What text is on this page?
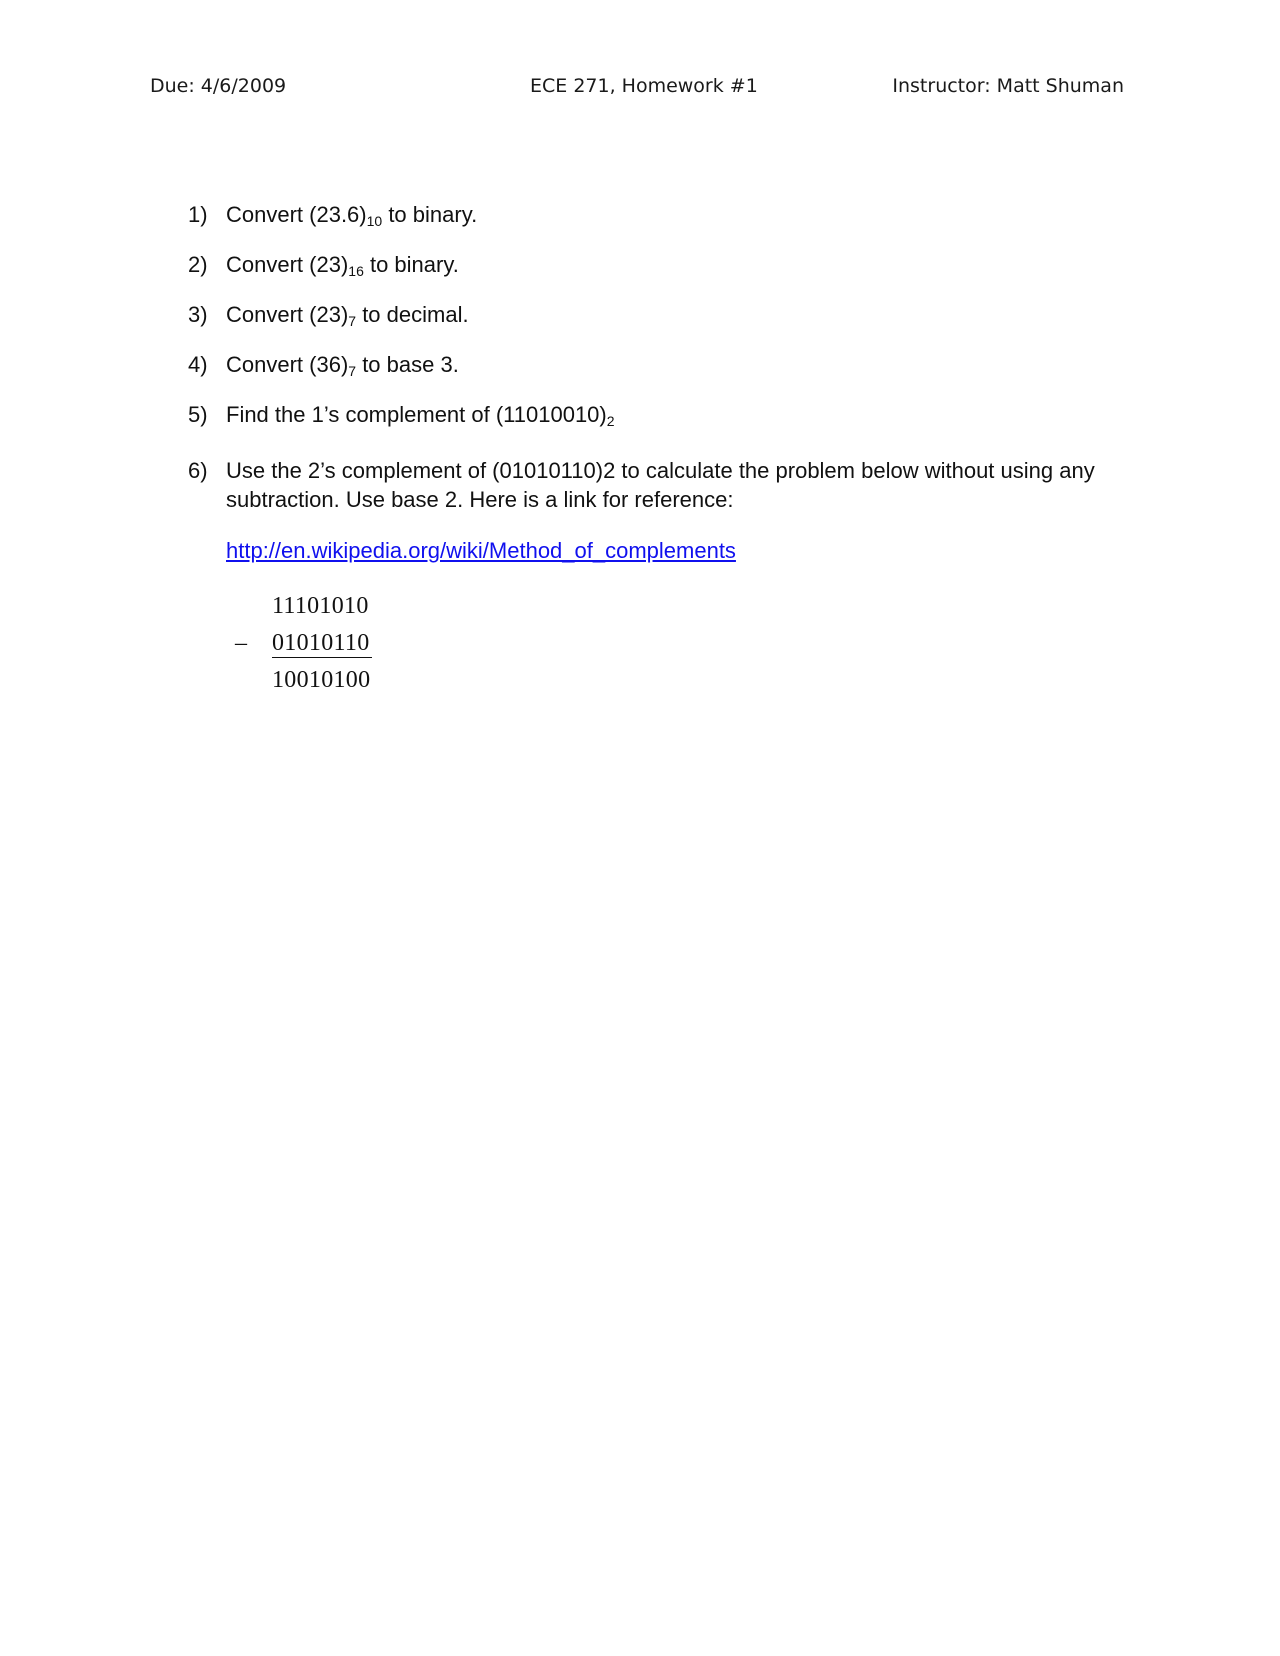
Due: 4/6/2009	ECE 271, Homework #1	Instructor: Matt Shuman
1) Convert $(23.6)_{10}$ to binary.
2) Convert $(23)_{16}$ to binary.
3) Convert $(23)_7$ to decimal.
4) Convert $(36)_7$ to base 3.
5) Find the 1’s complement of $(11010010)_2$
6) Use the 2’s complement of (01010110)2 to calculate the problem below without using any subtraction. Use base 2. Here is a link for reference:
http://en.wikipedia.org/wiki/Method_of_complements
11101010
– 01010110
10010100
